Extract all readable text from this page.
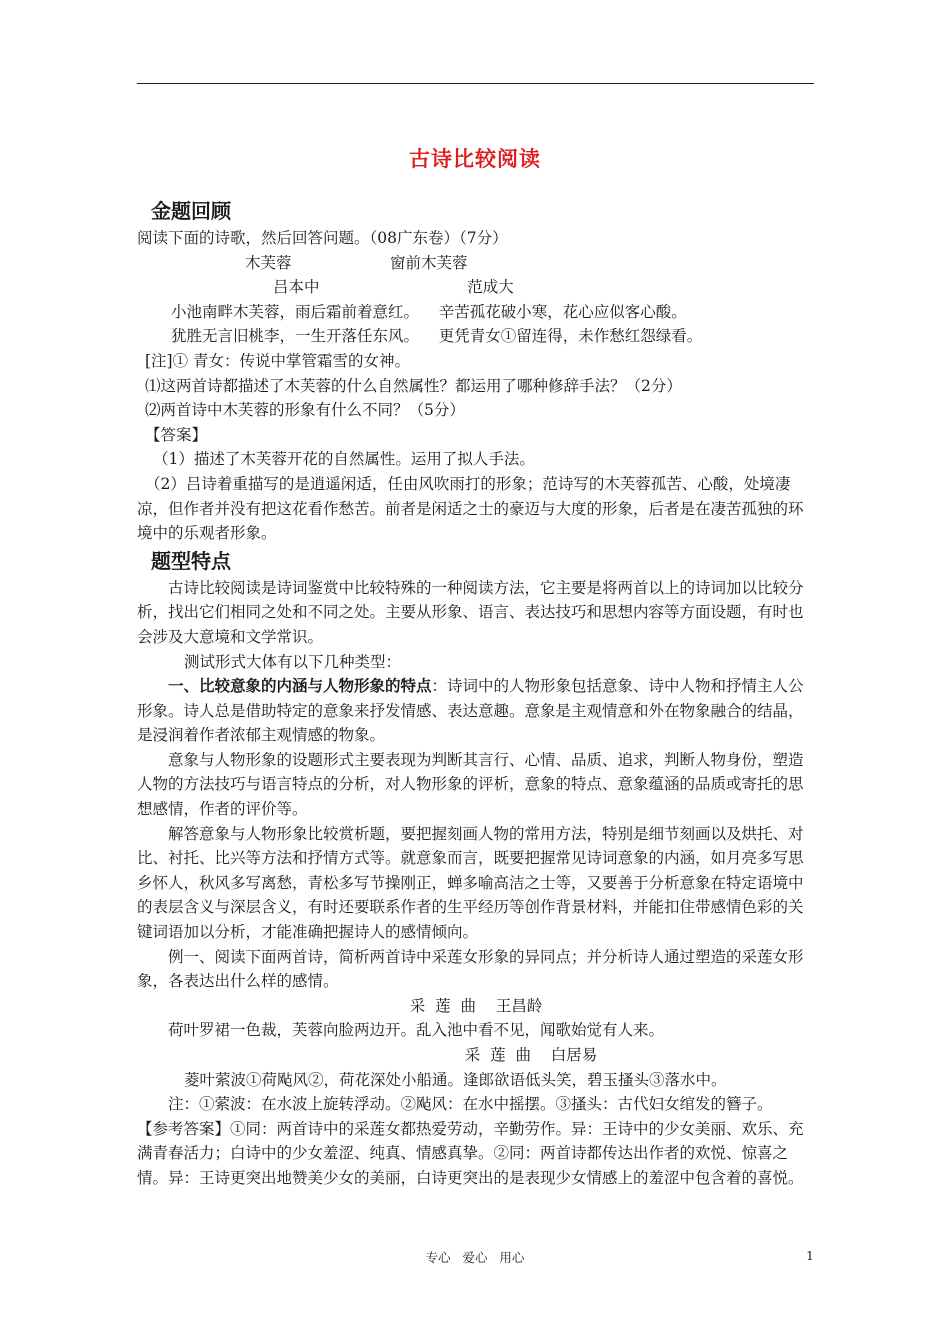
古诗比较阅读

金题回顾

阅读下面的诗歌，然后回答问题。（08广东卷）（7分）

木芙蓉                    窗前木芙蓉

吕本中                              范成大

小池南畔木芙蓉，雨后霜前着意红。    辛苦孤花破小寒，花心应似客心酸。

犹胜无言旧桃李，一生开落任东风。    更凭青女①留连得，未作愁红怨绿看。

[注]① 青女：传说中掌管霜雪的女神。

⑴这两首诗都描述了木芙蓉的什么自然属性？都运用了哪种修辞手法？（2分）

⑵两首诗中木芙蓉的形象有什么不同？（5分）

【答案】

（1）描述了木芙蓉开花的自然属性。运用了拟人手法。

（2）吕诗着重描写的是逍遥闲适，任由风吹雨打的形象；范诗写的木芙蓉孤苦、心酸，处境凄凉，但作者并没有把这花看作愁苦。前者是闲适之士的豪迈与大度的形象，后者是在凄苦孤独的环境中的乐观者形象。

题型特点

古诗比较阅读是诗词鉴赏中比较特殊的一种阅读方法，它主要是将两首以上的诗词加以比较分析，找出它们相同之处和不同之处。主要从形象、语言、表达技巧和思想内容等方面设题，有时也会涉及大意境和文学常识。

测试形式大体有以下几种类型：

一、比较意象的内涵与人物形象的特点：诗词中的人物形象包括意象、诗中人物和抒情主人公形象。诗人总是借助特定的意象来抒发情感、表达意趣。意象是主观情意和外在物象融合的结晶，是浸润着作者浓郁主观情感的物象。

意象与人物形象的设题形式主要表现为判断其言行、心情、品质、追求，判断人物身份，塑造人物的方法技巧与语言特点的分析，对人物形象的评析，意象的特点、意象蕴涵的品质或寄托的思想感情，作者的评价等。

解答意象与人物形象比较赏析题，要把握刻画人物的常用方法，特别是细节刻画以及烘托、对比、衬托、比兴等方法和抒情方式等。就意象而言，既要把握常见诗词意象的内涵，如月亮多写思乡怀人，秋风多写离愁，青松多写节操刚正，蝉多喻高洁之士等，又要善于分析意象在特定语境中的表层含义与深层含义，有时还要联系作者的生平经历等创作背景材料，并能扣住带感情色彩的关键词语加以分析，才能准确把握诗人的感情倾向。

例一、阅读下面两首诗，简析两首诗中采莲女形象的异同点；并分析诗人通过塑造的采莲女形象，各表达出什么样的感情。

采  莲  曲    王昌龄

荷叶罗裙一色裁，芙蓉向脸两边开。乱入池中看不见，闻歌始觉有人来。

采  莲  曲    白居易

菱叶萦波①荷飐风②，荷花深处小船通。逢郎欲语低头笑，碧玉搔头③落水中。

注：①萦波：在水波上旋转浮动。②飐风：在水中摇摆。③搔头：古代妇女绾发的簪子。

【参考答案】①同：两首诗中的采莲女都热爱劳动，辛勤劳作。异：王诗中的少女美丽、欢乐、充满青春活力；白诗中的少女羞涩、纯真、情感真挚。②同：两首诗都传达出作者的欢悦、惊喜之情。异：王诗更突出地赞美少女的美丽，白诗更突出的是表现少女情感上的羞涩中包含着的喜悦。

专心   爱心   用心	1
